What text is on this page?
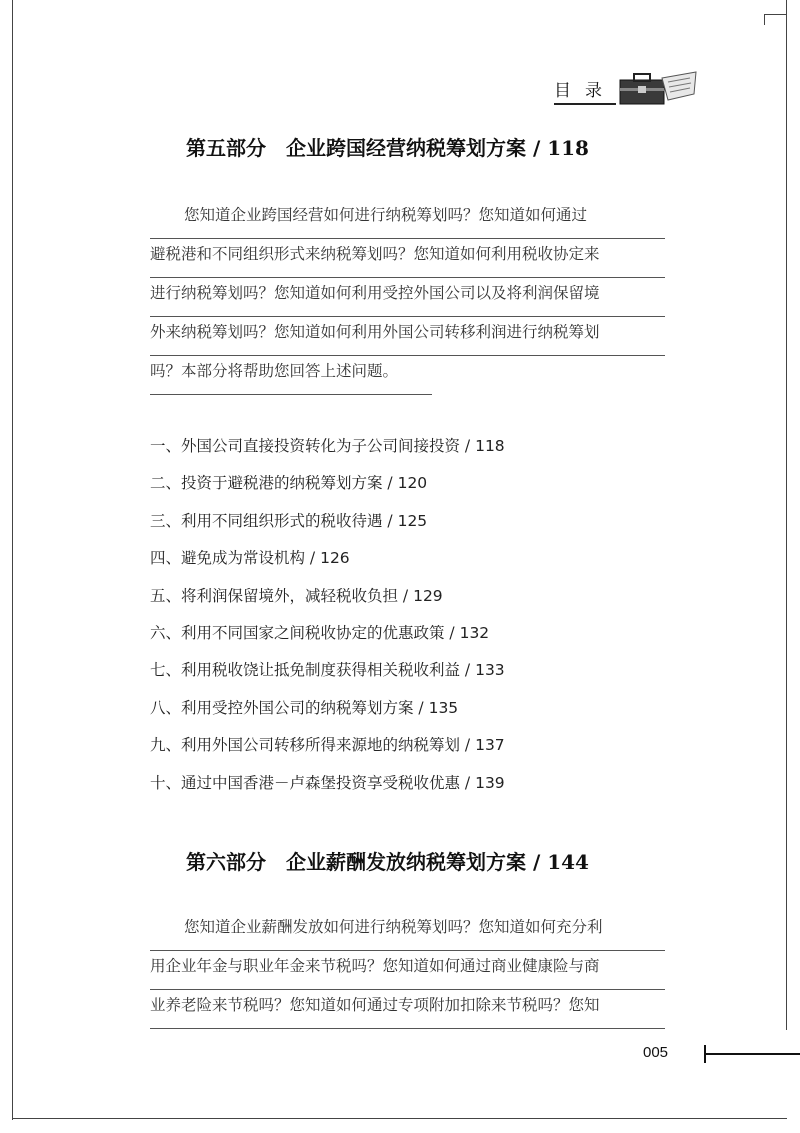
目录
第五部分　企业跨国经营纳税筹划方案 / 118
您知道企业跨国经营如何进行纳税筹划吗？您知道如何通过
避税港和不同组织形式来纳税筹划吗？您知道如何利用税收协定来
进行纳税筹划吗？您知道如何利用受控外国公司以及将利润保留境
外来纳税筹划吗？您知道如何利用外国公司转移利润进行纳税筹划
吗？本部分将帮助您回答上述问题。
一、外国公司直接投资转化为子公司间接投资 / 118
二、投资于避税港的纳税筹划方案 / 120
三、利用不同组织形式的税收待遇 / 125
四、避免成为常设机构 / 126
五、将利润保留境外，减轻税收负担 / 129
六、利用不同国家之间税收协定的优惠政策 / 132
七、利用税收饶让抵免制度获得相关税收利益 / 133
八、利用受控外国公司的纳税筹划方案 / 135
九、利用外国公司转移所得来源地的纳税筹划 / 137
十、通过中国香港－卢森堡投资享受税收优惠 / 139
第六部分　企业薪酬发放纳税筹划方案 / 144
您知道企业薪酬发放如何进行纳税筹划吗？您知道如何充分利
用企业年金与职业年金来节税吗？您知道如何通过商业健康险与商
业养老险来节税吗？您知道如何通过专项附加扣除来节税吗？您知
005
